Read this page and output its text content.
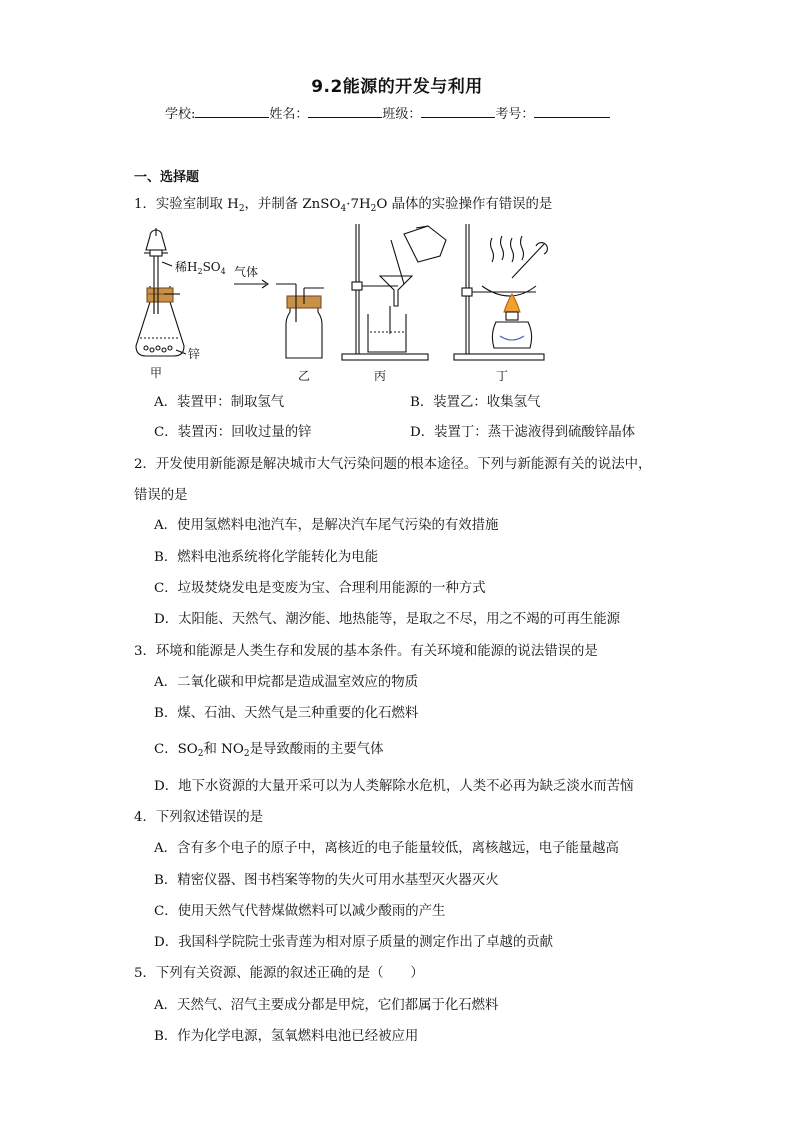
9.2能源的开发与利用
学校:	姓名：	班级：	考号：
一、选择题
1．实验室制取 $H_2$，并制备 $ZnSO_4\cdot 7H_2O$ 晶体的实验操作有错误的是
稀$H_2SO_4$
锌
气体
甲	乙	丙	丁
A．装置甲：制取氢气	B．装置乙：收集氢气
C．装置丙：回收过量的锌	D．装置丁：蒸干滤液得到硫酸锌晶体
2．开发使用新能源是解决城市大气污染问题的根本途径。下列与新能源有关的说法中，
错误的是
A．使用氢燃料电池汽车，是解决汽车尾气污染的有效措施
B．燃料电池系统将化学能转化为电能
C．垃圾焚烧发电是变废为宝、合理利用能源的一种方式
D．太阳能、天然气、潮汐能、地热能等，是取之不尽，用之不竭的可再生能源
3．环境和能源是人类生存和发展的基本条件。有关环境和能源的说法错误的是
A．二氧化碳和甲烷都是造成温室效应的物质
B．煤、石油、天然气是三种重要的化石燃料
C．$SO_2$和 $NO_2$是导致酸雨的主要气体
D．地下水资源的大量开采可以为人类解除水危机，人类不必再为缺乏淡水而苦恼
4．下列叙述错误的是
A．含有多个电子的原子中，离核近的电子能量较低，离核越远，电子能量越高
B．精密仪器、图书档案等物的失火可用水基型灭火器灭火
C．使用天然气代替煤做燃料可以减少酸雨的产生
D．我国科学院院士张青莲为相对原子质量的测定作出了卓越的贡献
5．下列有关资源、能源的叙述正确的是（　　）
A．天然气、沼气主要成分都是甲烷，它们都属于化石燃料
B．作为化学电源，氢氧燃料电池已经被应用
